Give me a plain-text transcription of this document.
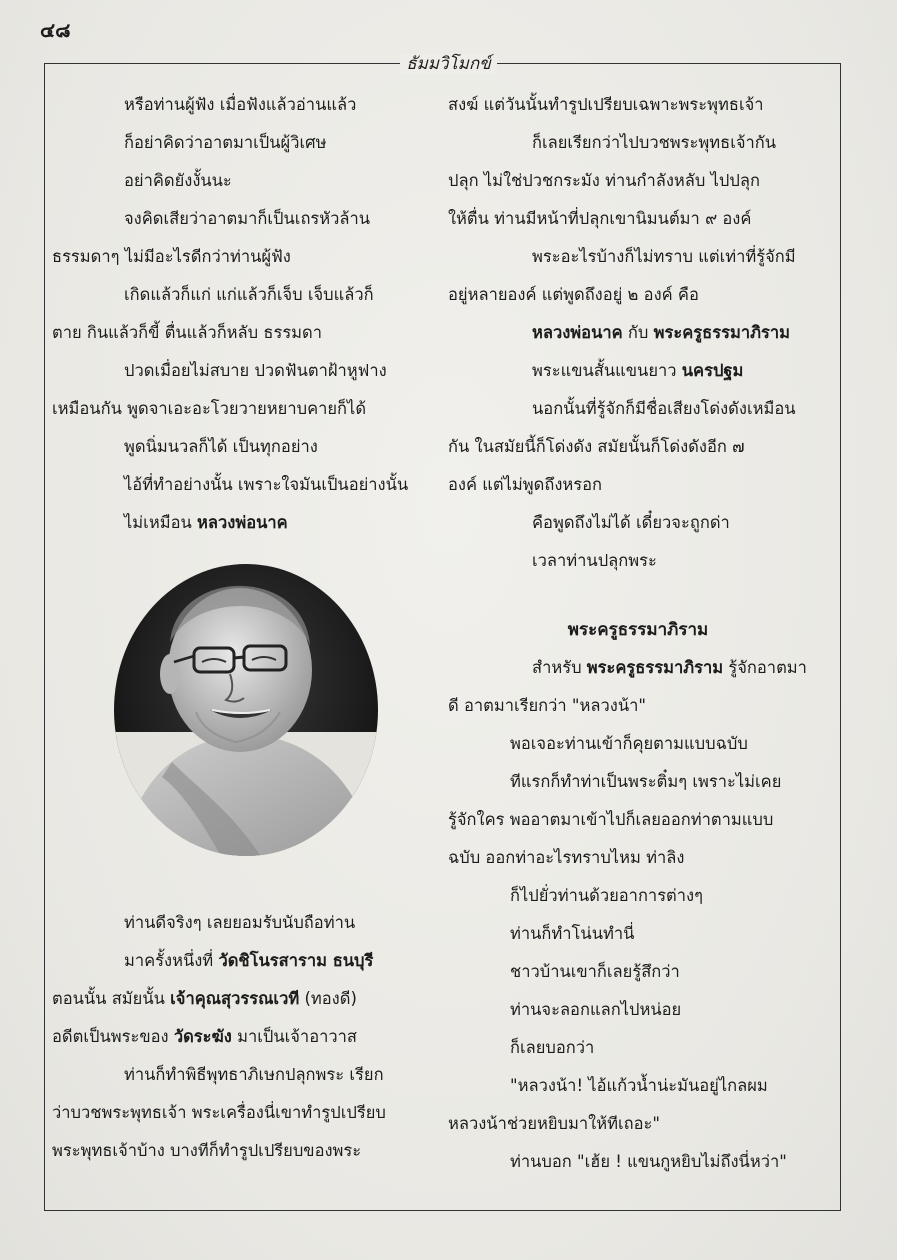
๔๘
ธัมมวิโมกข์
หรือท่านผู้ฟัง เมื่อฟังแล้วอ่านแล้ว
ก็อย่าคิดว่าอาตมาเป็นผู้วิเศษ
อย่าคิดยังงั้นนะ
จงคิดเสียว่าอาตมาก็เป็นเถรหัวล้าน
ธรรมดาๆ ไม่มีอะไรดีกว่าท่านผู้ฟัง
เกิดแล้วก็แก่ แก่แล้วก็เจ็บ เจ็บแล้วก็
ตาย กินแล้วก็ขี้ ตื่นแล้วก็หลับ ธรรมดา
ปวดเมื่อยไม่สบาย ปวดฟันตาฝ้าหูฟาง
เหมือนกัน พูดจาเอะอะโวยวายหยาบคายก็ได้
พูดนิ่มนวลก็ได้ เป็นทุกอย่าง
ไอ้ที่ทำอย่างนั้น เพราะใจมันเป็นอย่างนั้น
ไม่เหมือน หลวงพ่อนาค
ท่านดีจริงๆ เลยยอมรับนับถือท่าน
มาครั้งหนึ่งที่ วัดชิโนรสาราม ธนบุรี
ตอนนั้น สมัยนั้น เจ้าคุณสุวรรณเวที (ทองดี)
อดีตเป็นพระของ วัดระฆัง มาเป็นเจ้าอาวาส
ท่านก็ทำพิธีพุทธาภิเษกปลุกพระ เรียก
ว่าบวชพระพุทธเจ้า พระเครื่องนี่เขาทำรูปเปรียบ
พระพุทธเจ้าบ้าง บางทีก็ทำรูปเปรียบของพระ
สงฆ์ แต่วันนั้นทำรูปเปรียบเฉพาะพระพุทธเจ้า
ก็เลยเรียกว่าไปบวชพระพุทธเจ้ากัน
ปลุก ไม่ใช่ปวชกระมัง ท่านกำลังหลับ ไปปลุก
ให้ตื่น ท่านมีหน้าที่ปลุกเขานิมนต์มา ๙ องค์
พระอะไรบ้างก็ไม่ทราบ แต่เท่าที่รู้จักมี
อยู่หลายองค์ แต่พูดถึงอยู่ ๒ องค์ คือ
หลวงพ่อนาค กับ พระครูธรรมาภิราม
พระแขนสั้นแขนยาว นครปฐม
นอกนั้นที่รู้จักก็มีชื่อเสียงโด่งดังเหมือน
กัน ในสมัยนี้ก็โด่งดัง สมัยนั้นก็โด่งดังอีก ๗
องค์ แต่ไม่พูดถึงหรอก
คือพูดถึงไม่ได้ เดี๋ยวจะถูกด่า
เวลาท่านปลุกพระ
พระครูธรรมาภิราม
สำหรับ พระครูธรรมาภิราม รู้จักอาตมา
ดี อาตมาเรียกว่า "หลวงน้า"
พอเจอะท่านเข้าก็คุยตามแบบฉบับ
ทีแรกก็ทำท่าเป็นพระติ๋มๆ เพราะไม่เคย
รู้จักใคร พออาตมาเข้าไปก็เลยออกท่าตามแบบ
ฉบับ ออกท่าอะไรทราบไหม ท่าลิง
ก็ไปยั่วท่านด้วยอาการต่างๆ
ท่านก็ทำโน่นทำนี่
ชาวบ้านเขาก็เลยรู้สึกว่า
ท่านจะลอกแลกไปหน่อย
ก็เลยบอกว่า
"หลวงน้า! ไอ้แก้วน้ำน่ะมันอยู่ไกลผม
หลวงน้าช่วยหยิบมาให้ทีเถอะ"
ท่านบอก "เฮ้ย ! แขนกูหยิบไม่ถึงนี่หว่า"
